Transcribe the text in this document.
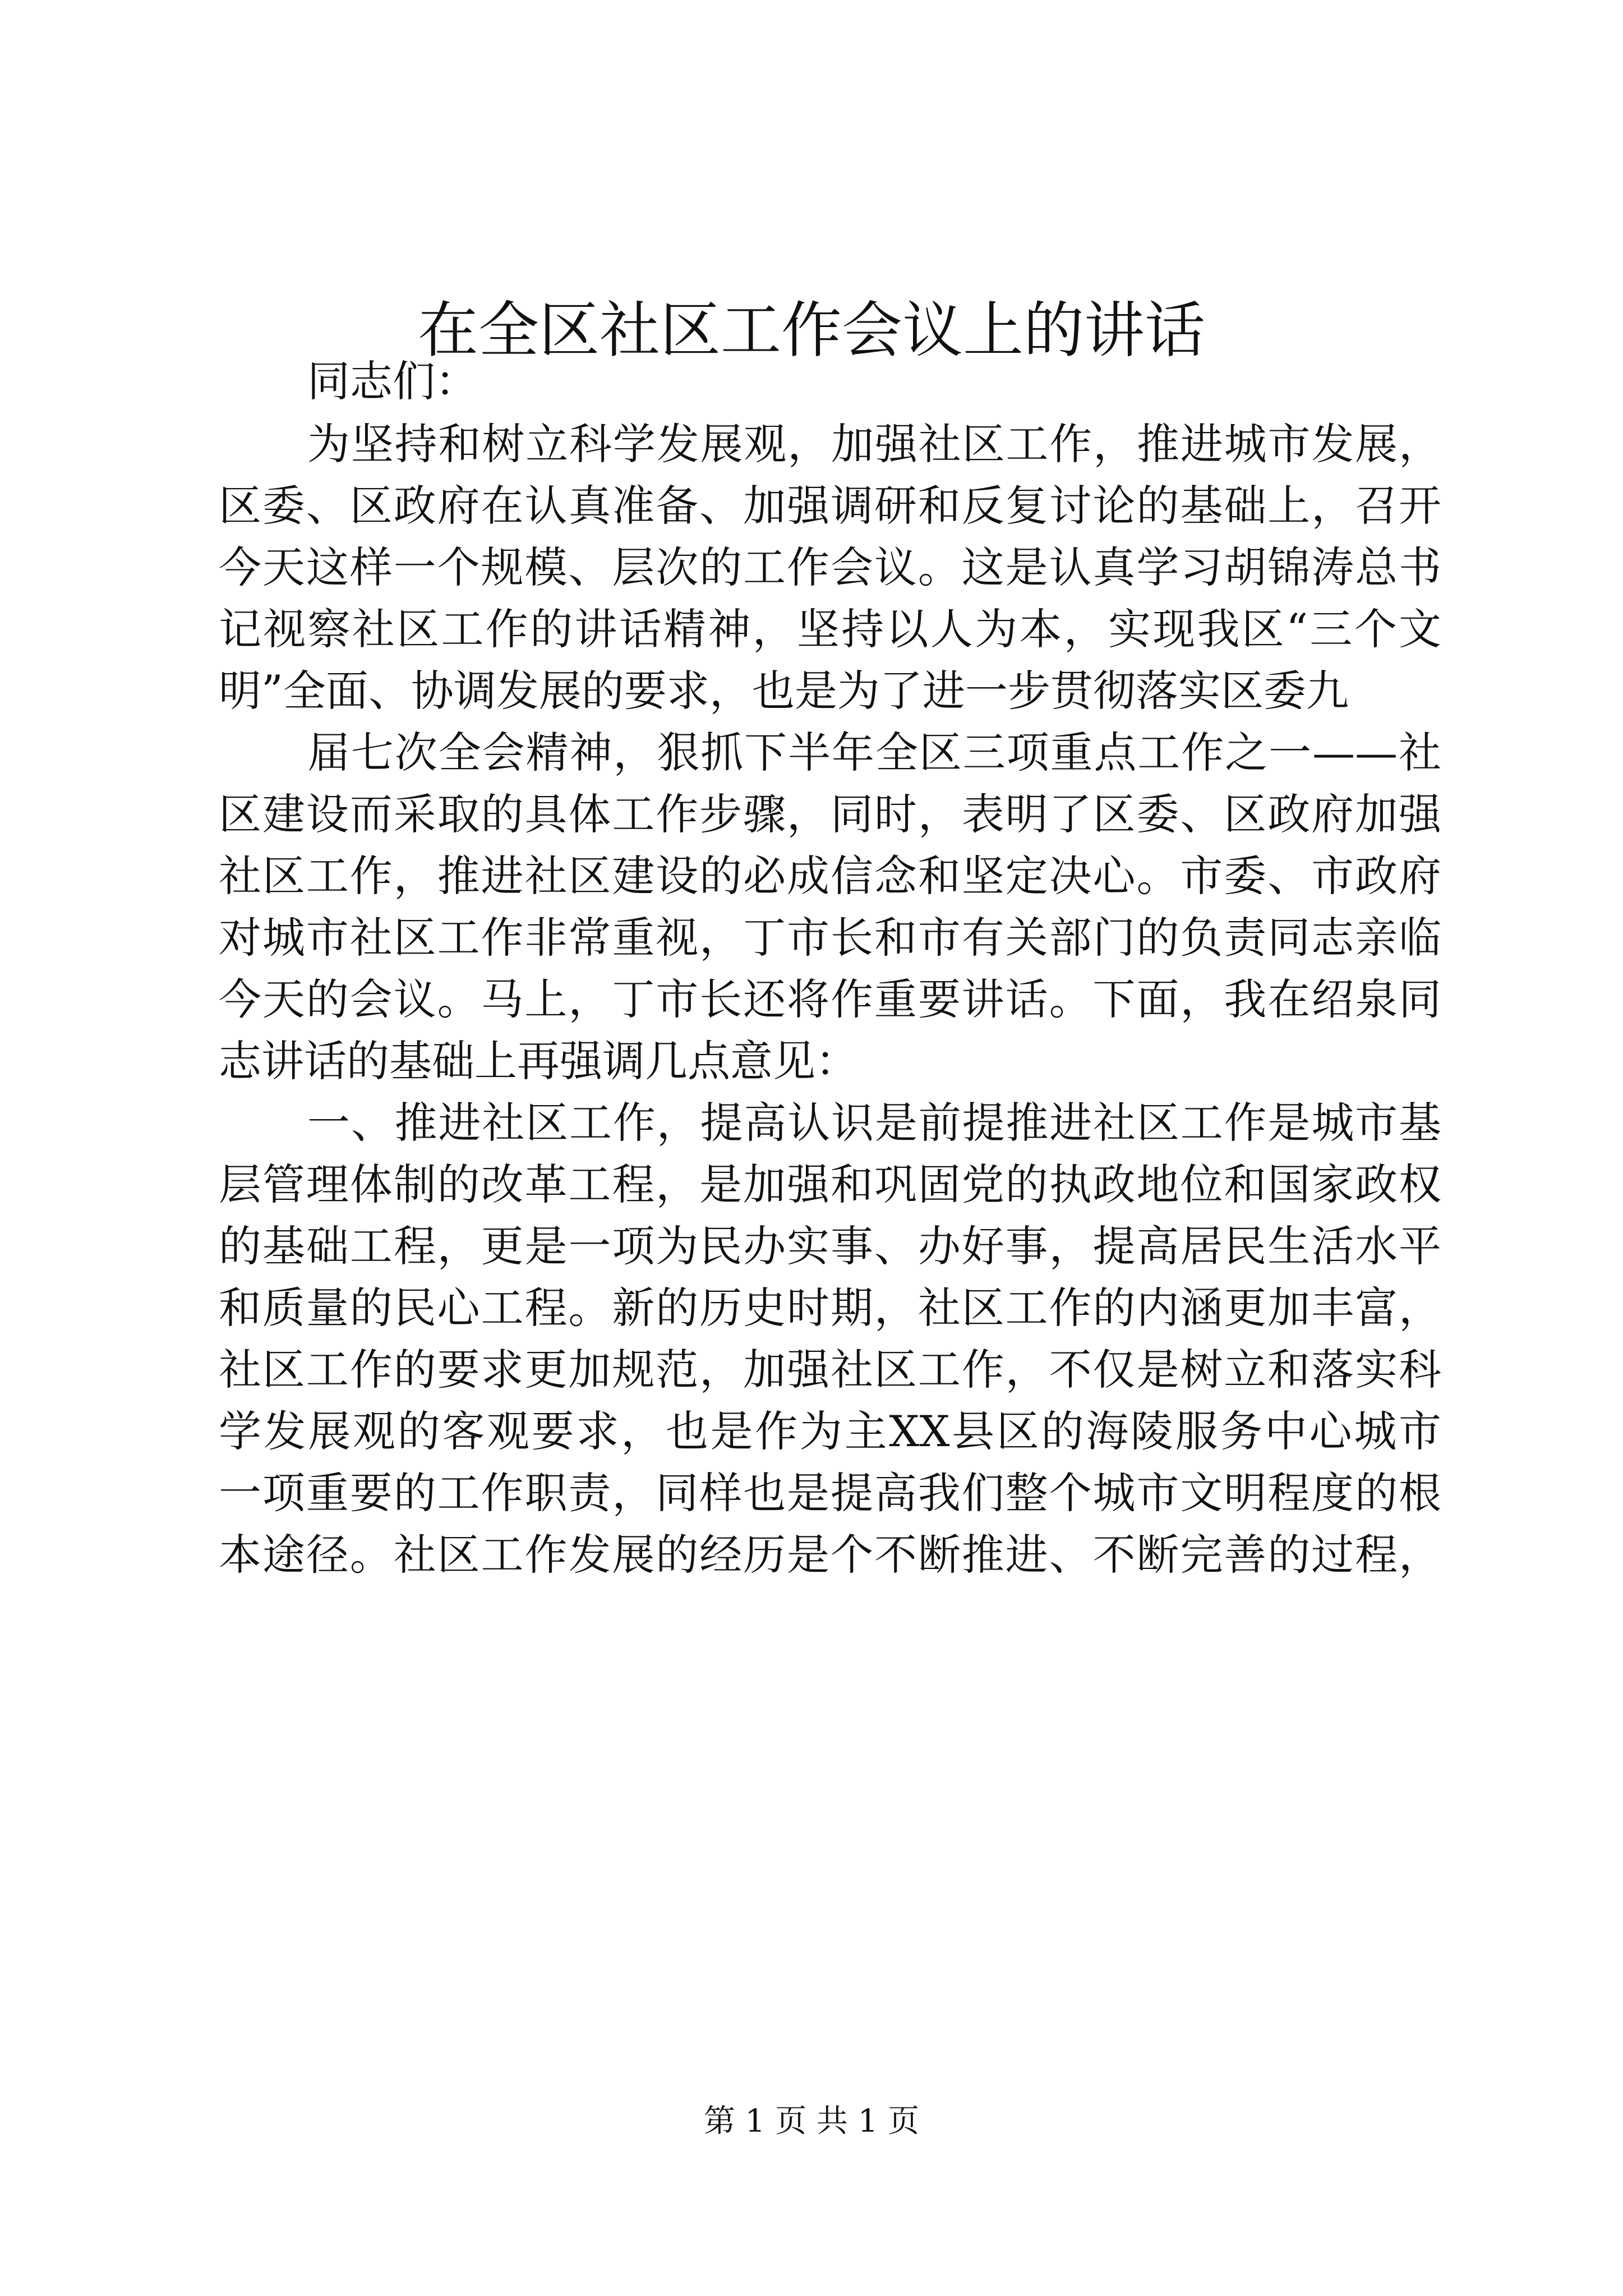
在全区社区工作会议上的讲话

同志们：

为坚持和树立科学发展观，加强社区工作，推进城市发展，

区委、区政府在认真准备、加强调研和反复讨论的基础上，召开

今天这样一个规模、层次的工作会议。这是认真学习胡锦涛总书

记视察社区工作的讲话精神，坚持以人为本，实现我区“三个文

明”全面、协调发展的要求，也是为了进一步贯彻落实区委九

届七次全会精神，狠抓下半年全区三项重点工作之一——社

区建设而采取的具体工作步骤，同时，表明了区委、区政府加强

社区工作，推进社区建设的必成信念和坚定决心。市委、市政府

对城市社区工作非常重视，丁市长和市有关部门的负责同志亲临

今天的会议。马上，丁市长还将作重要讲话。下面，我在绍泉同

志讲话的基础上再强调几点意见：

一、推进社区工作，提高认识是前提推进社区工作是城市基

层管理体制的改革工程，是加强和巩固党的执政地位和国家政权

的基础工程，更是一项为民办实事、办好事，提高居民生活水平

和质量的民心工程。新的历史时期，社区工作的内涵更加丰富，

社区工作的要求更加规范，加强社区工作，不仅是树立和落实科

学发展观的客观要求，也是作为主XX县区的海陵服务中心城市

一项重要的工作职责，同样也是提高我们整个城市文明程度的根

本途径。社区工作发展的经历是个不断推进、不断完善的过程，

第 1 页 共 1 页
